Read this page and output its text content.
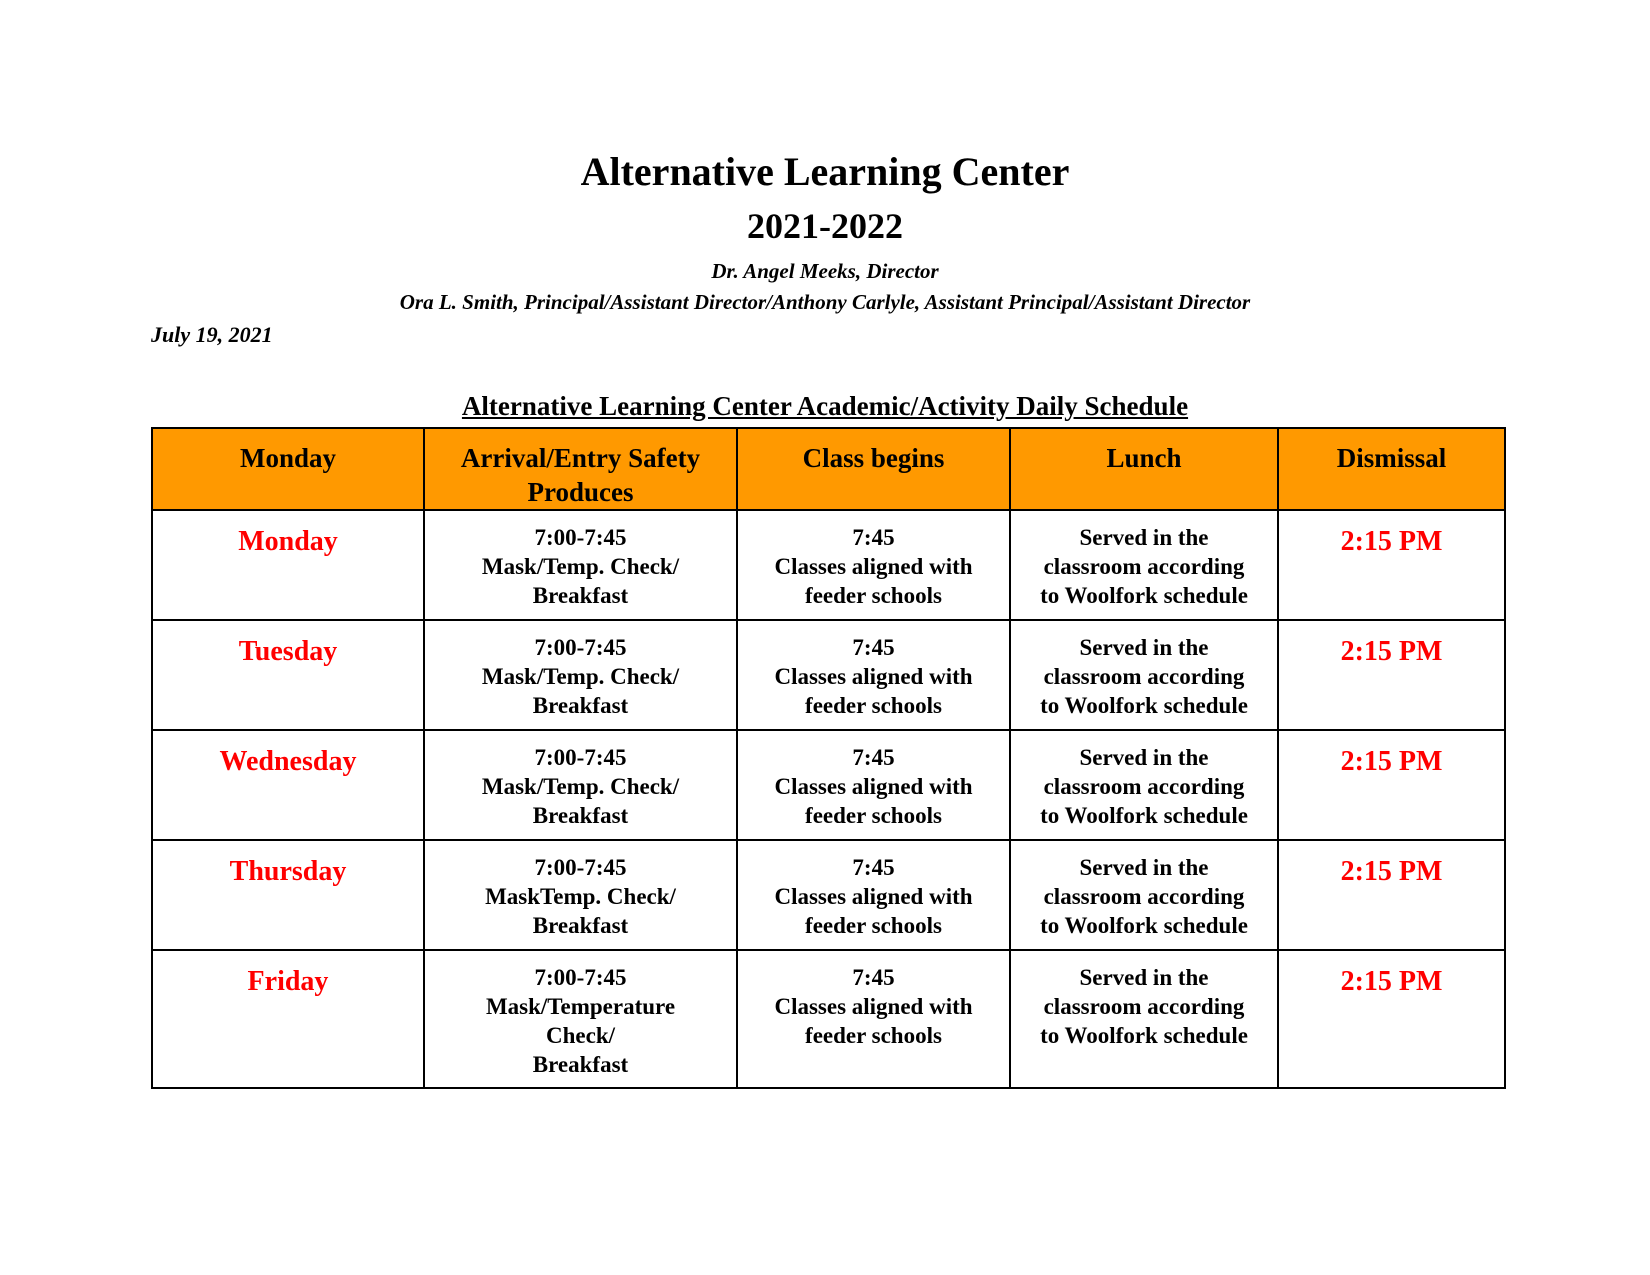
Alternative Learning Center
2021-2022
Dr. Angel Meeks, Director
Ora L. Smith, Principal/Assistant Director/Anthony Carlyle, Assistant Principal/Assistant Director
July 19, 2021
Alternative Learning Center Academic/Activity Daily Schedule
Monday	Arrival/Entry Safety Produces	Class begins	Lunch	Dismissal
Monday	7:00-7:45
Mask/Temp. Check/
Breakfast	7:45
Classes aligned with
feeder schools	Served in the
classroom according
to Woolfork schedule	2:15 PM
Tuesday	7:00-7:45
Mask/Temp. Check/
Breakfast	7:45
Classes aligned with
feeder schools	Served in the
classroom according
to Woolfork schedule	2:15 PM
Wednesday	7:00-7:45
Mask/Temp. Check/
Breakfast	7:45
Classes aligned with
feeder schools	Served in the
classroom according
to Woolfork schedule	2:15 PM
Thursday	7:00-7:45
MaskTemp. Check/
Breakfast	7:45
Classes aligned with
feeder schools	Served in the
classroom according
to Woolfork schedule	2:15 PM
Friday	7:00-7:45
Mask/Temperature
Check/
Breakfast	7:45
Classes aligned with
feeder schools	Served in the
classroom according
to Woolfork schedule	2:15 PM
